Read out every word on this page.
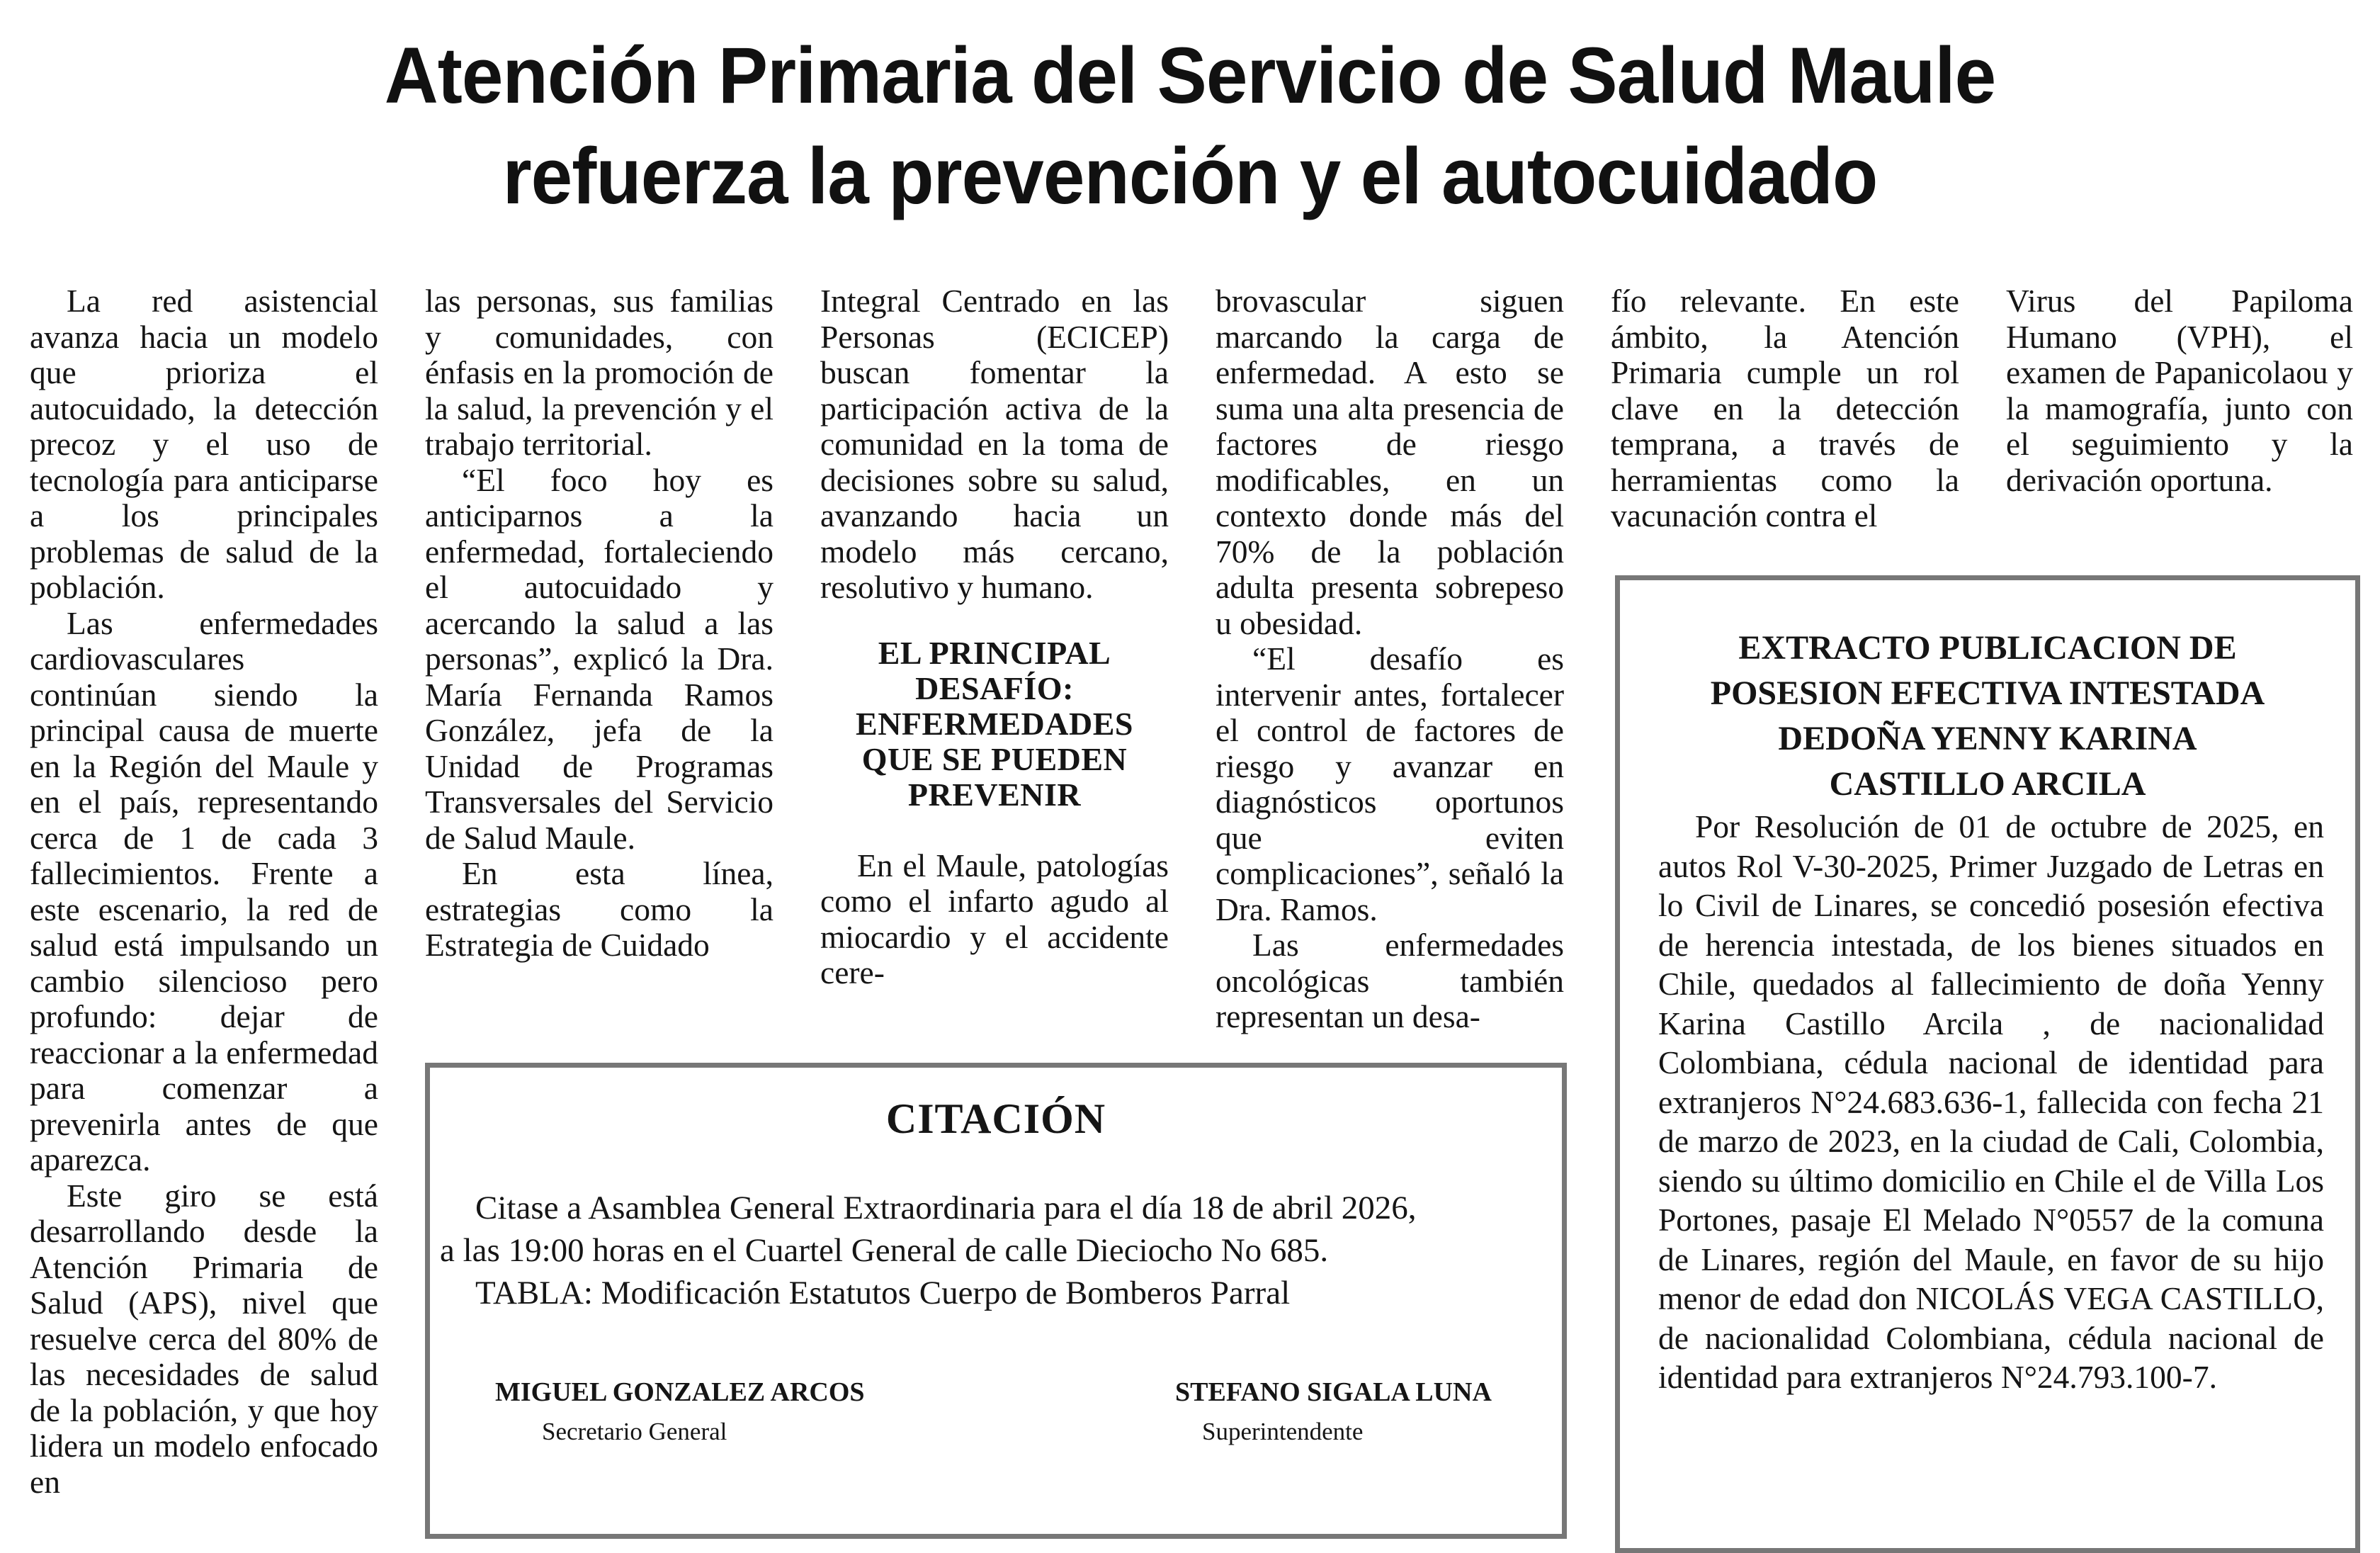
Atención Primaria del Servicio de Salud Maule
refuerza la prevención y el autocuidado

La red asistencial avanza hacia un modelo que prioriza el autocuidado, la detección precoz y el uso de tecnología para anticiparse a los principales problemas de salud de la población.

Las enfermedades cardiovasculares continúan siendo la principal causa de muerte en la Región del Maule y en el país, representando cerca de 1 de cada 3 fallecimientos. Frente a este escenario, la red de salud está impulsando un cambio silencioso pero profundo: dejar de reaccionar a la enfermedad para comenzar a prevenirla antes de que aparezca.

Este giro se está desarrollando desde la Atención Primaria de Salud (APS), nivel que resuelve cerca del 80% de las necesidades de salud de la población, y que hoy lidera un modelo enfocado en

las personas, sus familias y comunidades, con énfasis en la promoción de la salud, la prevención y el trabajo territorial.

“El foco hoy es anticiparnos a la enfermedad, fortaleciendo el autocuidado y acercando la salud a las personas”, explicó la Dra. María Fernanda Ramos González, jefa de la Unidad de Programas Transversales del Servicio de Salud Maule.

En esta línea, estrategias como la Estrategia de Cuidado

Integral Centrado en las Personas (ECICEP) buscan fomentar la participación activa de la comunidad en la toma de decisiones sobre su salud, avanzando hacia un modelo más cercano, resolutivo y humano.

EL PRINCIPAL DESAFÍO: ENFERMEDADES QUE SE PUEDEN PREVENIR

En el Maule, patologías como el infarto agudo al miocardio y el accidente cere-

brovascular siguen marcando la carga de enfermedad. A esto se suma una alta presencia de factores de riesgo modificables, en un contexto donde más del 70% de la población adulta presenta sobrepeso u obesidad.

“El desafío es intervenir antes, fortalecer el control de factores de riesgo y avanzar en diagnósticos oportunos que eviten complicaciones”, señaló la Dra. Ramos.

Las enfermedades oncológicas también representan un desa-

fío relevante. En este ámbito, la Atención Primaria cumple un rol clave en la detección temprana, a través de herramientas como la vacunación contra el

Virus del Papiloma Humano (VPH), el examen de Papanicolaou y la mamografía, junto con el seguimiento y la derivación oportuna.

CITACIÓN
Citase a Asamblea General Extraordinaria para el día 18 de abril 2026,
a las 19:00 horas en el Cuartel General de calle Dieciocho No 685.
TABLA: Modificación Estatutos Cuerpo de Bomberos Parral
MIGUEL GONZALEZ ARCOS
Secretario General
STEFANO SIGALA LUNA
Superintendente
EXTRACTO PUBLICACION DE
POSESION EFECTIVA INTESTADA
DEDOÑA YENNY KARINA
CASTILLO ARCILA

Por Resolución de 01 de octubre de 2025, en autos Rol V-30-2025, Primer Juzgado de Letras en lo Civil de Linares, se concedió posesión efectiva de herencia intestada, de los bienes situados en Chile, quedados al fallecimiento de doña Yenny Karina Castillo Arcila , de nacionalidad Colombiana, cédula nacional de identidad para extranjeros N°24.683.636-1, fallecida con fecha 21 de marzo de 2023, en la ciudad de Cali, Colombia, siendo su último domicilio en Chile el de Villa Los Portones, pasaje El Melado N°0557 de la comuna de Linares, región del Maule, en favor de su hijo menor de edad don NICOLÁS VEGA CASTILLO, de nacionalidad Colombiana, cédula nacional de identidad para extranjeros N°24.793.100-7.
